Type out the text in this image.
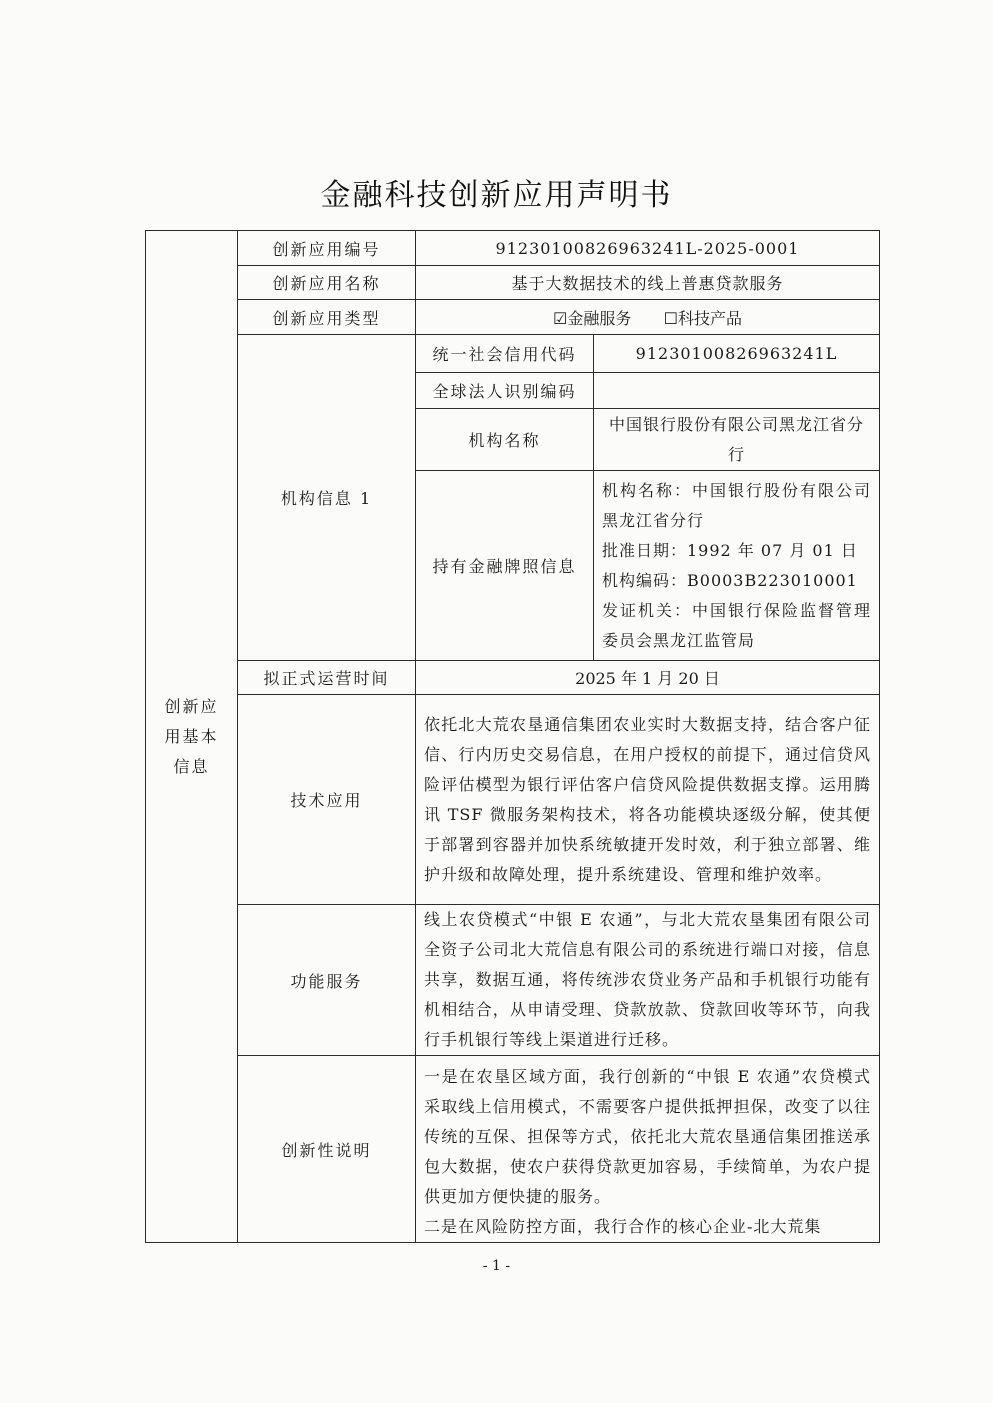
金融科技创新应用声明书
创新应用基本信息	创新应用编号	91230100826963241L-2025-0001	
	创新应用名称	基于大数据技术的线上普惠贷款服务	
	创新应用类型	☑金融服务 ☐科技产品	
	机构信息 1	统一社会信用代码	91230100826963241L
		全球法人识别编码	
		机构名称	中国银行股份有限公司黑龙江省分行
		持有金融牌照信息	机构名称：中国银行股份有限公司黑龙江省分行
批准日期：1992 年 07 月 01 日
机构编码：B0003B223010001
发证机关：中国银行保险监督管理委员会黑龙江监管局

	拟正式运营时间	2025 年 1 月 20 日	
	技术应用	依托北大荒农垦通信集团农业实时大数据支持，结合客户征信、行内历史交易信息，在用户授权的前提下，通过信贷风险评估模型为银行评估客户信贷风险提供数据支撑。运用腾讯 TSF 微服务架构技术，将各功能模块逐级分解，使其便于部署到容器并加快系统敏捷开发时效，利于独立部署、维护升级和故障处理，提升系统建设、管理和维护效率。	
	功能服务	线上农贷模式“中银 E 农通”，与北大荒农垦集团有限公司全资子公司北大荒信息有限公司的系统进行端口对接，信息共享，数据互通，将传统涉农贷业务产品和手机银行功能有机相结合，从申请受理、贷款放款、贷款回收等环节，向我行手机银行等线上渠道进行迁移。	
	创新性说明	一是在农垦区域方面，我行创新的“中银 E 农通”农贷模式采取线上信用模式，不需要客户提供抵押担保，改变了以往传统的互保、担保等方式，依托北大荒农垦通信集团推送承包大数据，使农户获得贷款更加容易，手续简单，为农户提供更加方便快捷的服务。
二是在风险防控方面，我行合作的核心企业-北大荒集	
- 1 -
